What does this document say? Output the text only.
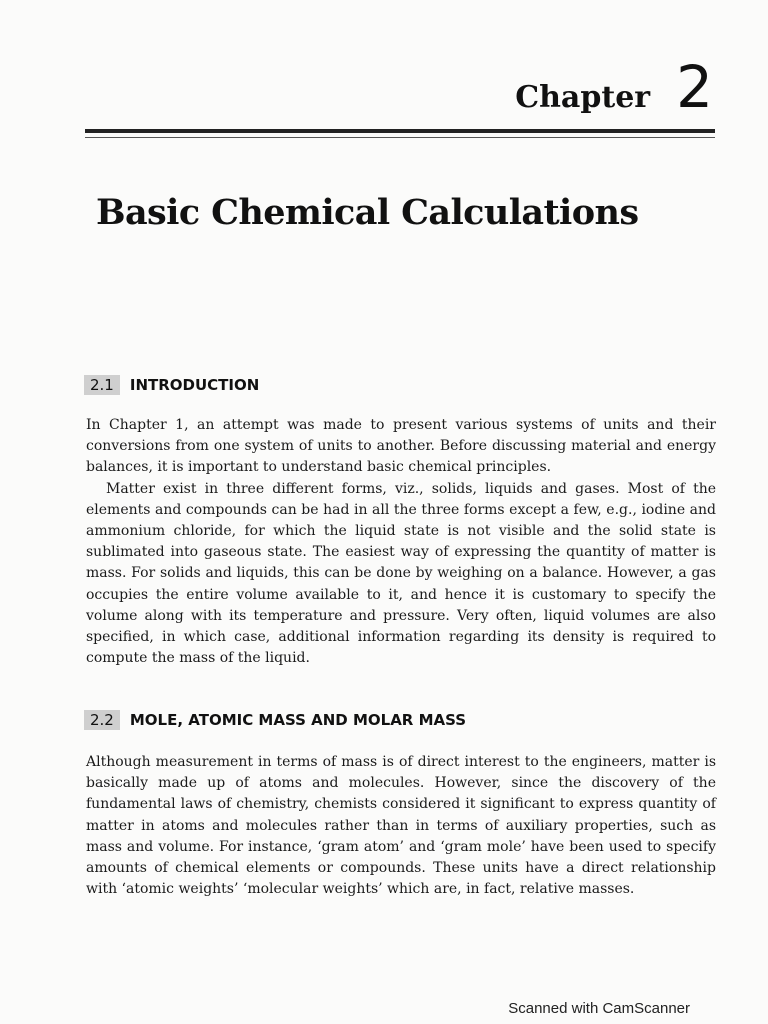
Chapter 2
Basic Chemical Calculations
2.1	INTRODUCTION

In Chapter 1, an attempt was made to present various systems of units and their conversions from one system of units to another. Before discussing material and energy balances, it is important to understand basic chemical principles.

Matter exist in three different forms, viz., solids, liquids and gases. Most of the elements and compounds can be had in all the three forms except a few, e.g., iodine and ammonium chloride, for which the liquid state is not visible and the solid state is sublimated into gaseous state. The easiest way of expressing the quantity of matter is mass. For solids and liquids, this can be done by weighing on a balance. However, a gas occupies the entire volume available to it, and hence it is customary to specify the volume along with its temperature and pressure. Very often, liquid volumes are also specified, in which case, additional information regarding its density is required to compute the mass of the liquid.

2.2	MOLE, ATOMIC MASS AND MOLAR MASS

Although measurement in terms of mass is of direct interest to the engineers, matter is basically made up of atoms and molecules. However, since the discovery of the fundamental laws of chemistry, chemists considered it significant to express quantity of matter in atoms and molecules rather than in terms of auxiliary properties, such as mass and volume. For instance, ‘gram atom’ and ‘gram mole’ have been used to specify amounts of chemical elements or compounds. These units have a direct relationship with ‘atomic weights’ ‘molecular weights’ which are, in fact, relative masses.

Scanned with CamScanner
